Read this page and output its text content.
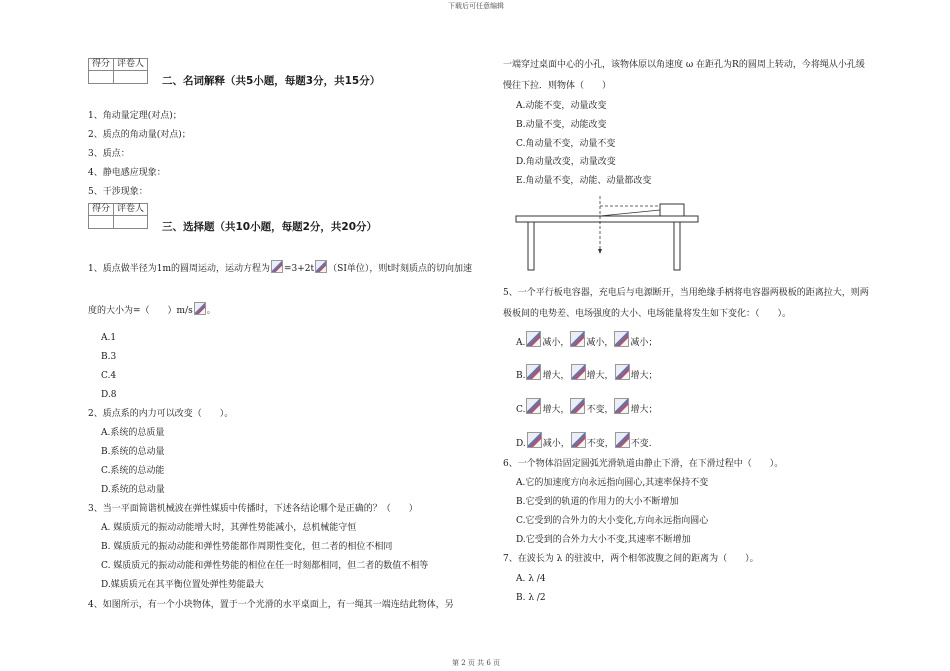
下载后可任意编辑
第 2 页 共 6 页
得分	评卷人

二、名词解释（共5小题，每题3分，共15分）
1、角动量定理(对点)；
2、质点的角动量(对点)；
3、质点：
4、静电感应现象：
5、干涉现象：
得分	评卷人

三、选择题（共10小题，每题2分，共20分）
1、质点做半径为1m的圆周运动，运动方程为 =3+2t （SI单位），则t时刻质点的切向加速
度的大小为=（　　）m/s 。
A.1
B.3
C.4
D.8
2、质点系的内力可以改变（　　）。
A.系统的总质量
B.系统的总动量
C.系统的总动能
D.系统的总动量
3、当一平面简谐机械波在弹性媒质中传播时，下述各结论哪个是正确的？（　　）
A. 媒质质元的振动动能增大时，其弹性势能减小，总机械能守恒
B. 媒质质元的振动动能和弹性势能都作周期性变化，但二者的相位不相同
C. 媒质质元的振动动能和弹性势能的相位在任一时刻都相同，但二者的数值不相等
D.媒质质元在其平衡位置处弹性势能最大
4、如图所示，有一个小块物体，置于一个光滑的水平桌面上，有一绳其一端连结此物体，另
一端穿过桌面中心的小孔，该物体原以角速度 ω 在距孔为R的圆周上转动，今将绳从小孔缓
慢往下拉．则物体（　　）
A.动能不变，动量改变
B.动量不变，动能改变
C.角动量不变，动量不变
D.角动量改变，动量改变
E.角动量不变，动能、动量都改变
5、一个平行板电容器，充电后与电源断开，当用绝缘手柄将电容器两极板的距离拉大，则两
极板间的电势差、电场强度的大小、电场能量将发生如下变化：（　　）。
A. 减小， 减小， 减小；
B. 增大， 增大， 增大；
C. 增大， 不变， 增大；
D. 减小， 不变， 不变.
6、一个物体沿固定圆弧光滑轨道由静止下滑，在下滑过程中（　　）。
A.它的加速度方向永远指向圆心,其速率保持不变
B.它受到的轨道的作用力的大小不断增加
C.它受到的合外力的大小变化,方向永远指向圆心
D.它受到的合外力大小不变,其速率不断增加
7、在波长为 λ 的驻波中，两个相邻波腹之间的距离为（　　）。
A. λ /4
B. λ /2
